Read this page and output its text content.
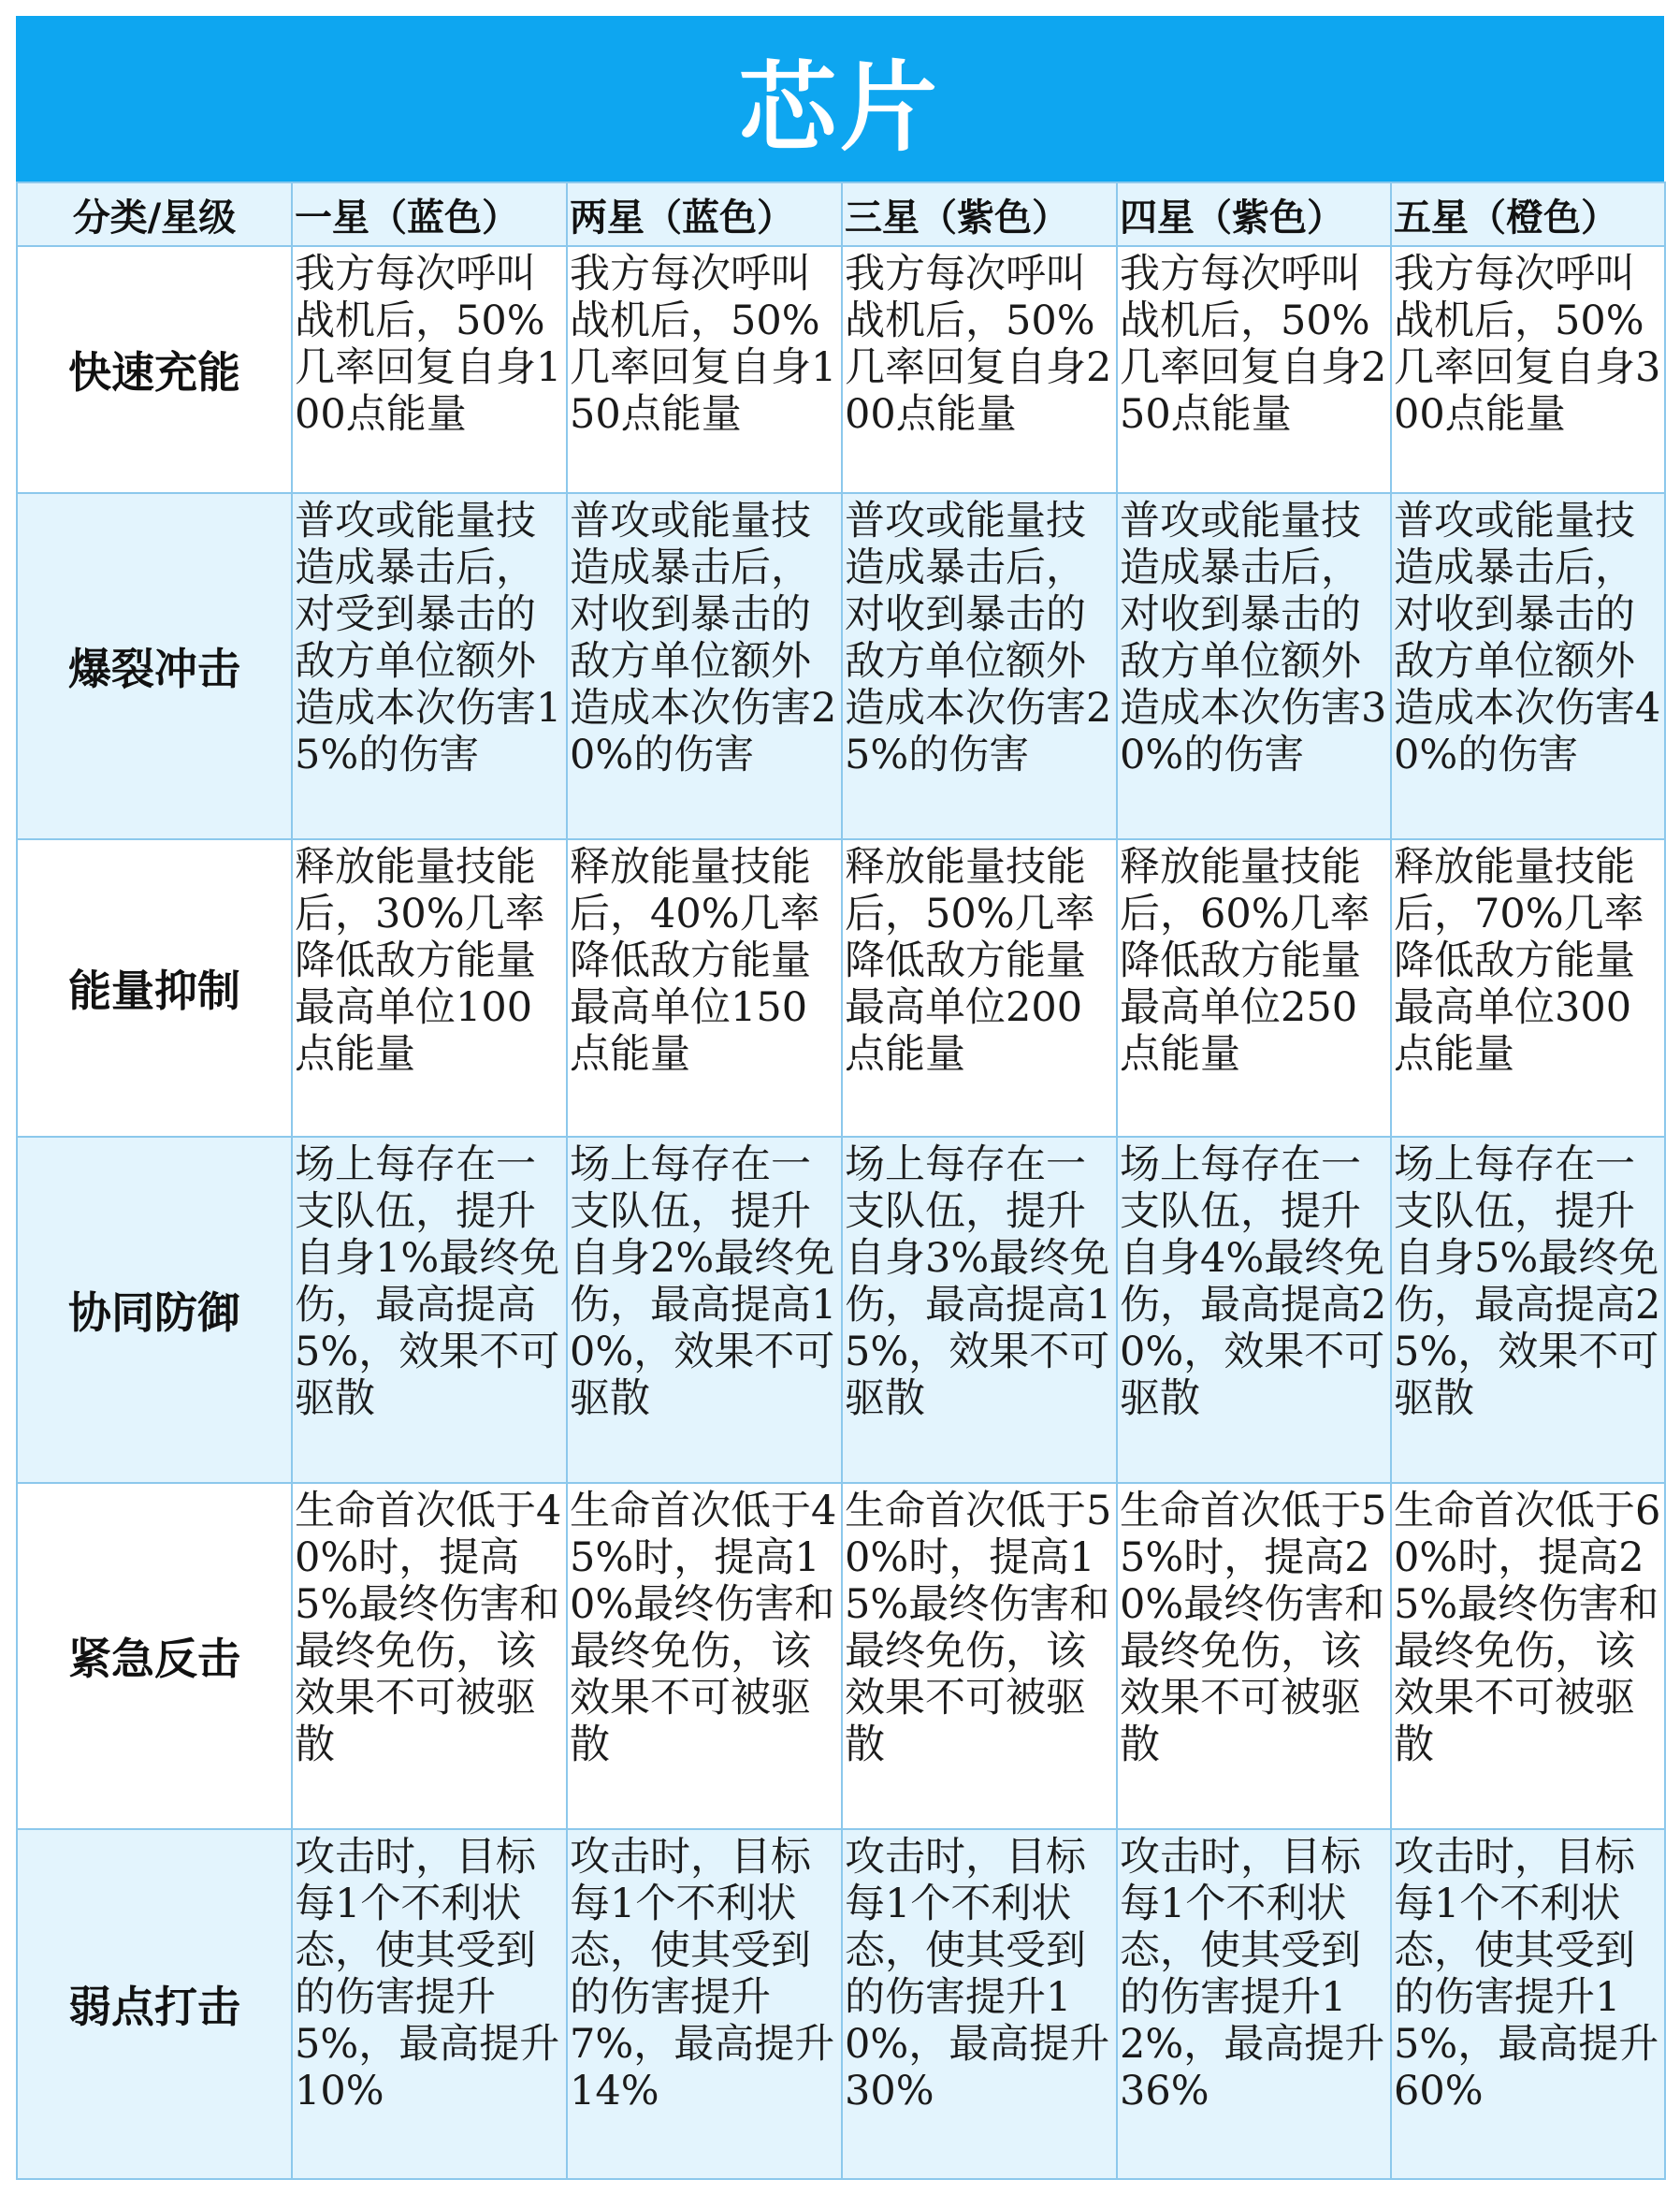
芯片
分类/星级	一星（蓝色）	两星（蓝色）	三星（紫色）	四星（紫色）	五星（橙色）
快速充能	我方每次呼叫战机后，50%几率回复自身100点能量	我方每次呼叫战机后，50%几率回复自身150点能量	我方每次呼叫战机后，50%几率回复自身200点能量	我方每次呼叫战机后，50%几率回复自身250点能量	我方每次呼叫战机后，50%几率回复自身300点能量
爆裂冲击	普攻或能量技造成暴击后，对受到暴击的敌方单位额外造成本次伤害15%的伤害	普攻或能量技造成暴击后，对收到暴击的敌方单位额外造成本次伤害20%的伤害	普攻或能量技造成暴击后，对收到暴击的敌方单位额外造成本次伤害25%的伤害	普攻或能量技造成暴击后，对收到暴击的敌方单位额外造成本次伤害30%的伤害	普攻或能量技造成暴击后，对收到暴击的敌方单位额外造成本次伤害40%的伤害
能量抑制	释放能量技能后，30%几率降低敌方能量最高单位100点能量	释放能量技能后，40%几率降低敌方能量最高单位150点能量	释放能量技能后，50%几率降低敌方能量最高单位200点能量	释放能量技能后，60%几率降低敌方能量最高单位250点能量	释放能量技能后，70%几率降低敌方能量最高单位300点能量
协同防御	场上每存在一支队伍，提升自身1%最终免伤，最高提高5%，效果不可驱散	场上每存在一支队伍，提升自身2%最终免伤，最高提高10%，效果不可驱散	场上每存在一支队伍，提升自身3%最终免伤，最高提高15%，效果不可驱散	场上每存在一支队伍，提升自身4%最终免伤，最高提高20%，效果不可驱散	场上每存在一支队伍，提升自身5%最终免伤，最高提高25%，效果不可驱散
紧急反击	生命首次低于40%时，提高5%最终伤害和最终免伤，该效果不可被驱散	生命首次低于45%时，提高10%最终伤害和最终免伤，该效果不可被驱散	生命首次低于50%时，提高15%最终伤害和最终免伤，该效果不可被驱散	生命首次低于55%时，提高20%最终伤害和最终免伤，该效果不可被驱散	生命首次低于60%时，提高25%最终伤害和最终免伤，该效果不可被驱散
弱点打击	攻击时，目标每1个不利状态，使其受到的伤害提升5%，最高提升10%	攻击时，目标每1个不利状态，使其受到的伤害提升7%，最高提升14%	攻击时，目标每1个不利状态，使其受到的伤害提升10%，最高提升30%	攻击时，目标每1个不利状态，使其受到的伤害提升12%，最高提升36%	攻击时，目标每1个不利状态，使其受到的伤害提升15%，最高提升60%
